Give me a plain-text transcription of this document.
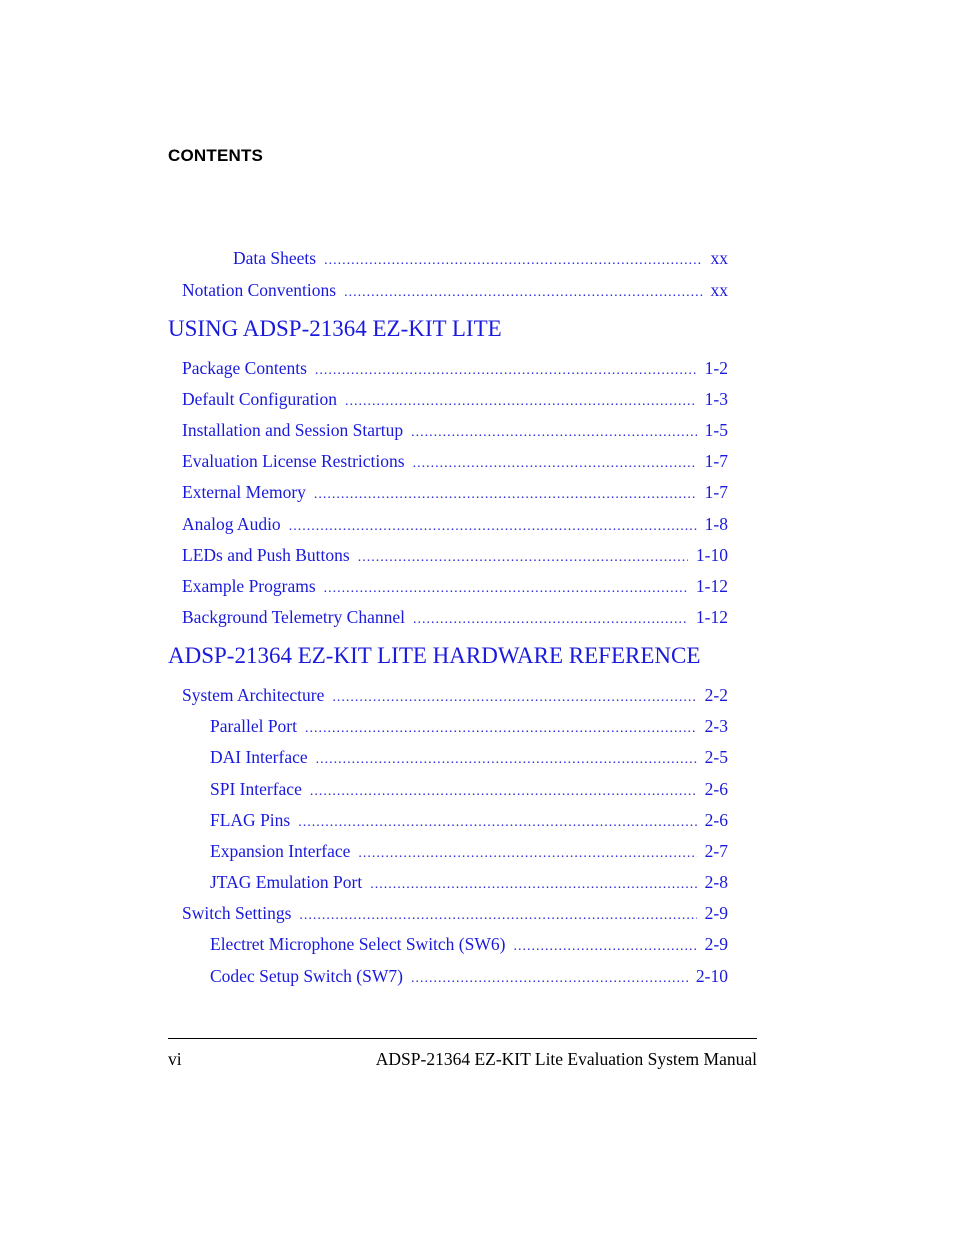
CONTENTS
Data Sheets .....	xx
Notation Conventions .....	xx
USING ADSP-21364 EZ-KIT LITE
Package Contents .....	1-2
Default Configuration .....	1-3
Installation and Session Startup .....	1-5
Evaluation License Restrictions .....	1-7
External Memory .....	1-7
Analog Audio .....	1-8
LEDs and Push Buttons .....	1-10
Example Programs .....	1-12
Background Telemetry Channel .....	1-12
ADSP-21364 EZ-KIT LITE HARDWARE REFERENCE
System Architecture .....	2-2
Parallel Port .....	2-3
DAI Interface .....	2-5
SPI Interface .....	2-6
FLAG Pins .....	2-6
Expansion Interface .....	2-7
JTAG Emulation Port .....	2-8
Switch Settings .....	2-9
Electret Microphone Select Switch (SW6) .....	2-9
Codec Setup Switch (SW7) .....	2-10
vi	ADSP-21364 EZ-KIT Lite Evaluation System Manual
